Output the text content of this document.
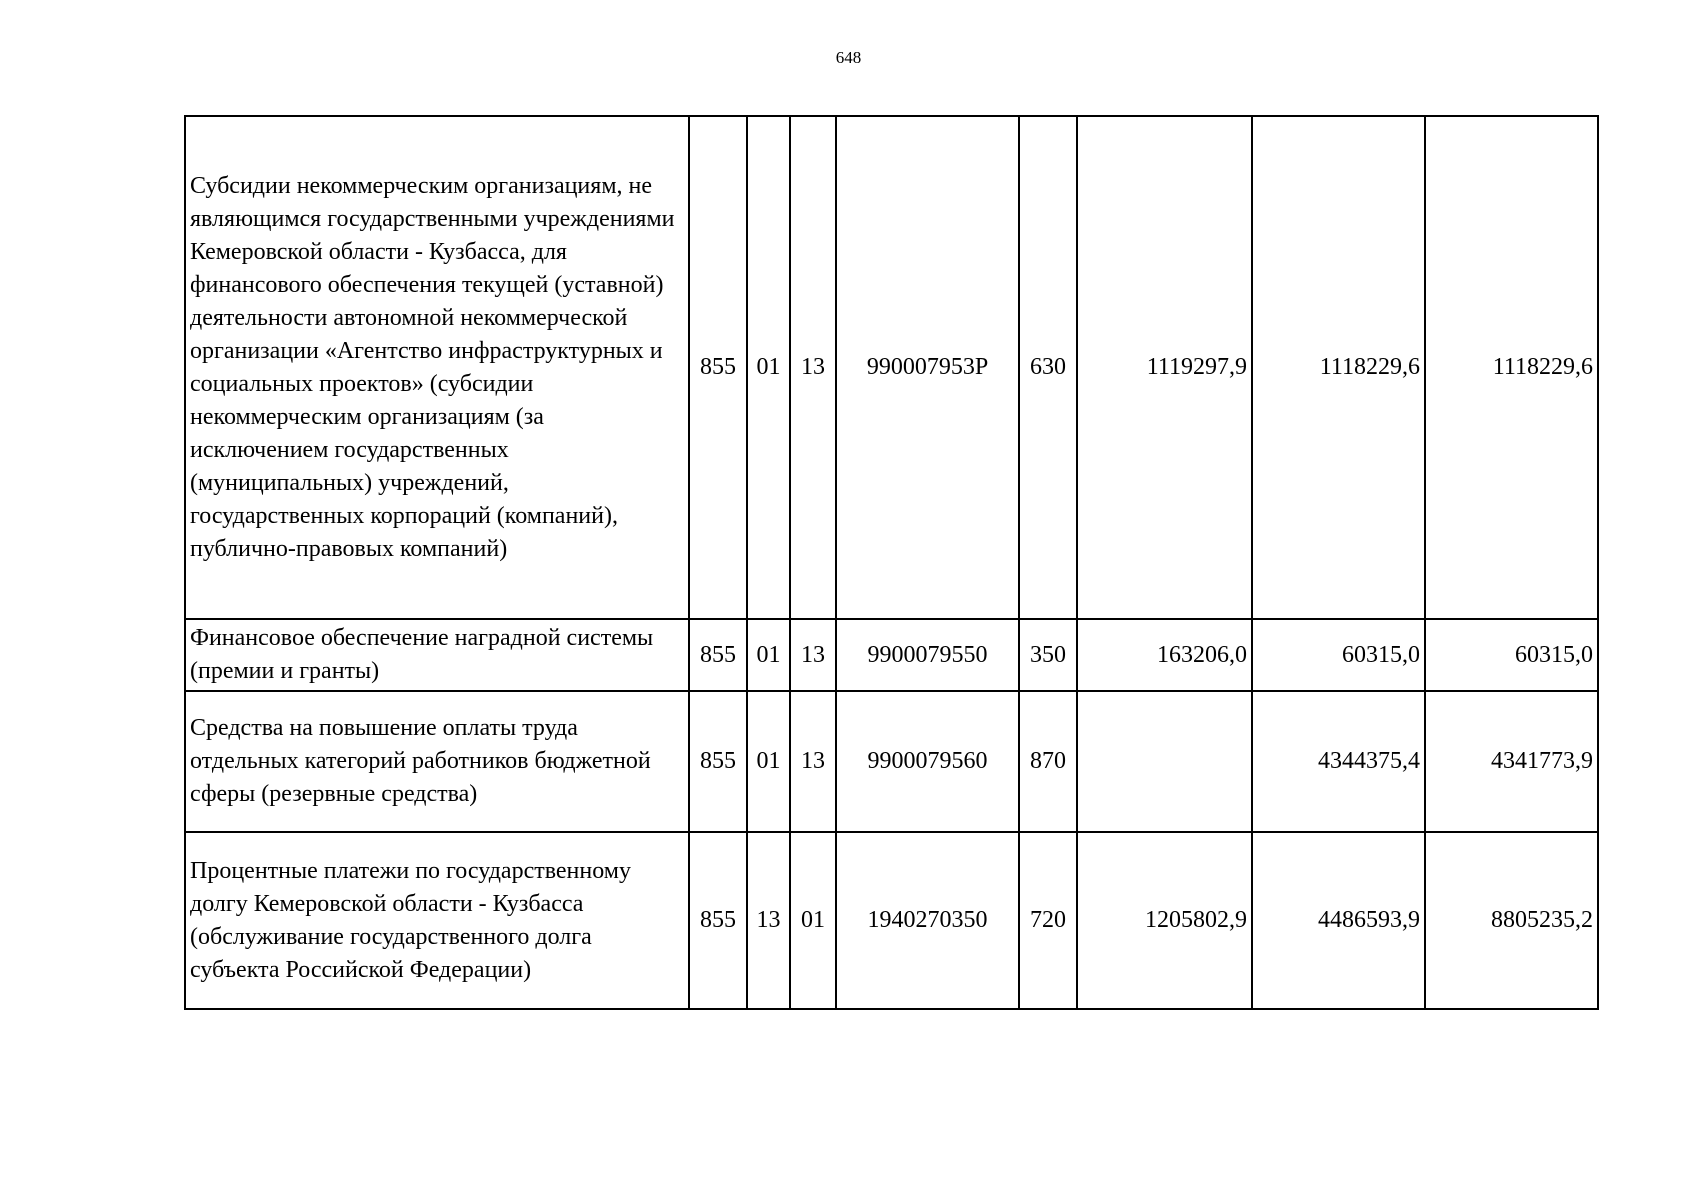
648
Субсидии некоммерческим организациям, не являющимся государственными учреждениями Кемеровской области - Кузбасса, для финансового обеспечения текущей (уставной) деятельности автономной некоммерческой организации «Агентство инфраструктурных и социальных проектов» (субсидии некоммерческим организациям (за исключением государственных (муниципальных) учреждений, государственных корпораций (компаний), публично-правовых компаний)	855	01	13	990007953Р	630	1119297,9	1118229,6	1118229,6
Финансовое обеспечение наградной системы (премии и гранты)	855	01	13	9900079550	350	163206,0	60315,0	60315,0
Средства на повышение оплаты труда отдельных категорий работников бюджетной сферы (резервные средства)	855	01	13	9900079560	870		4344375,4	4341773,9
Процентные платежи по государственному долгу Кемеровской области - Кузбасса (обслуживание государственного долга субъекта Российской Федерации)	855	13	01	1940270350	720	1205802,9	4486593,9	8805235,2
